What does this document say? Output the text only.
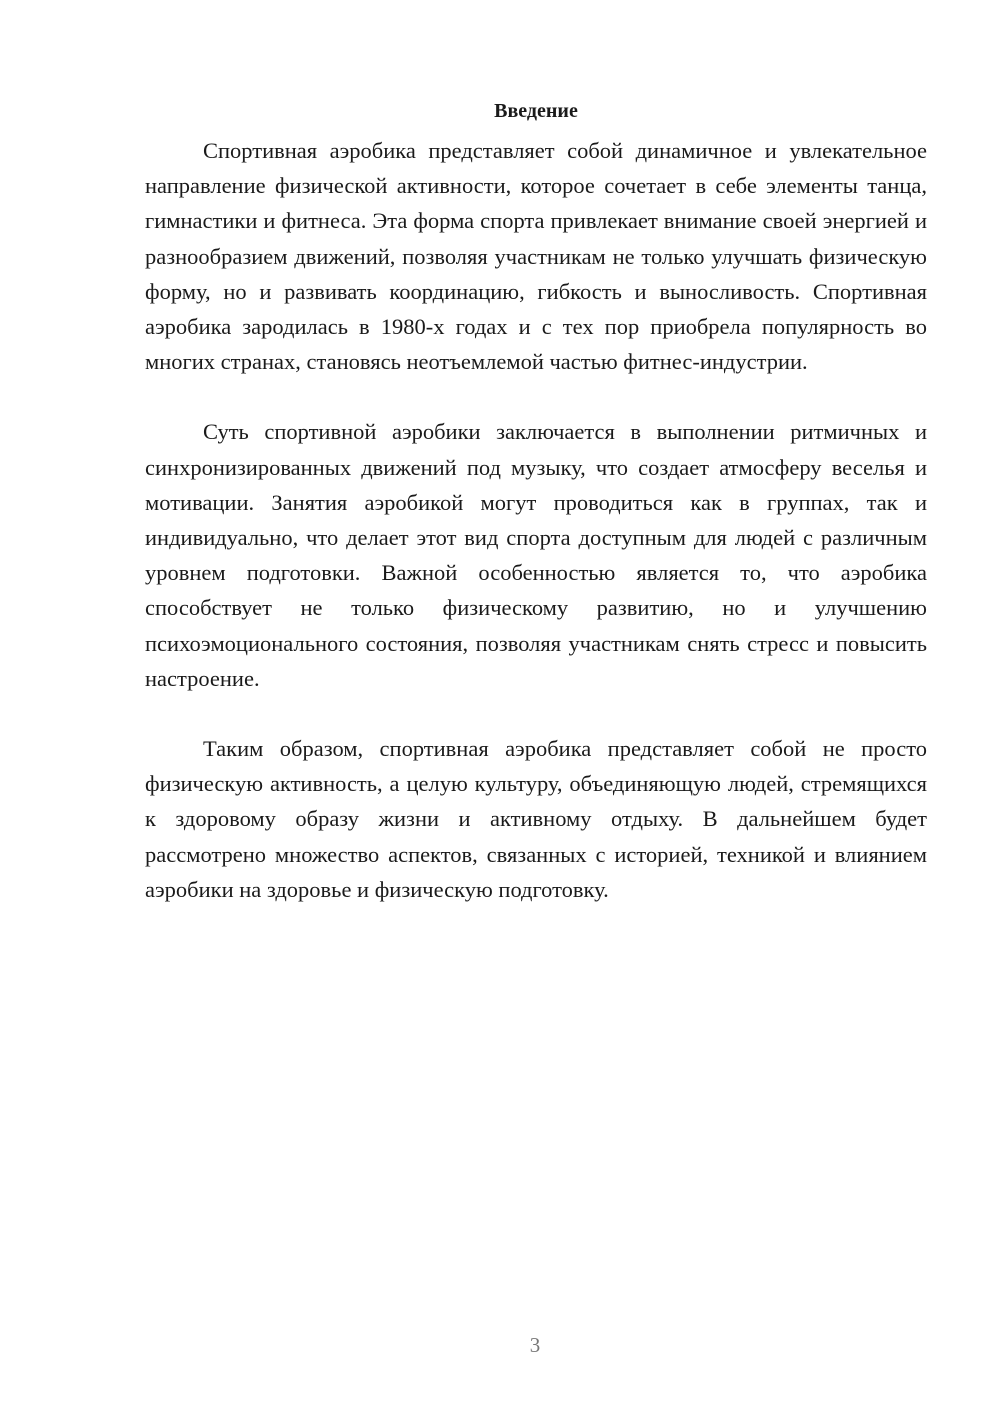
Введение

Спортивная аэробика представляет собой динамичное и увлекательное направление физической активности, которое сочетает в себе элементы танца, гимнастики и фитнеса. Эта форма спорта привлекает внимание своей энергией и разнообразием движений, позволяя участникам не только улучшать физическую форму, но и развивать координацию, гибкость и выносливость. Спортивная аэробика зародилась в 1980-х годах и с тех пор приобрела популярность во многих странах, становясь неотъемлемой частью фитнес-индустрии.

Суть спортивной аэробики заключается в выполнении ритмичных и синхронизированных движений под музыку, что создает атмосферу веселья и мотивации. Занятия аэробикой могут проводиться как в группах, так и индивидуально, что делает этот вид спорта доступным для людей с различным уровнем подготовки. Важной особенностью является то, что аэробика способствует не только физическому развитию, но и улучшению психоэмоционального состояния, позволяя участникам снять стресс и повысить настроение.

Таким образом, спортивная аэробика представляет собой не просто физическую активность, а целую культуру, объединяющую людей, стремящихся к здоровому образу жизни и активному отдыху. В дальнейшем будет рассмотрено множество аспектов, связанных с историей, техникой и влиянием аэробики на здоровье и физическую подготовку.

3
